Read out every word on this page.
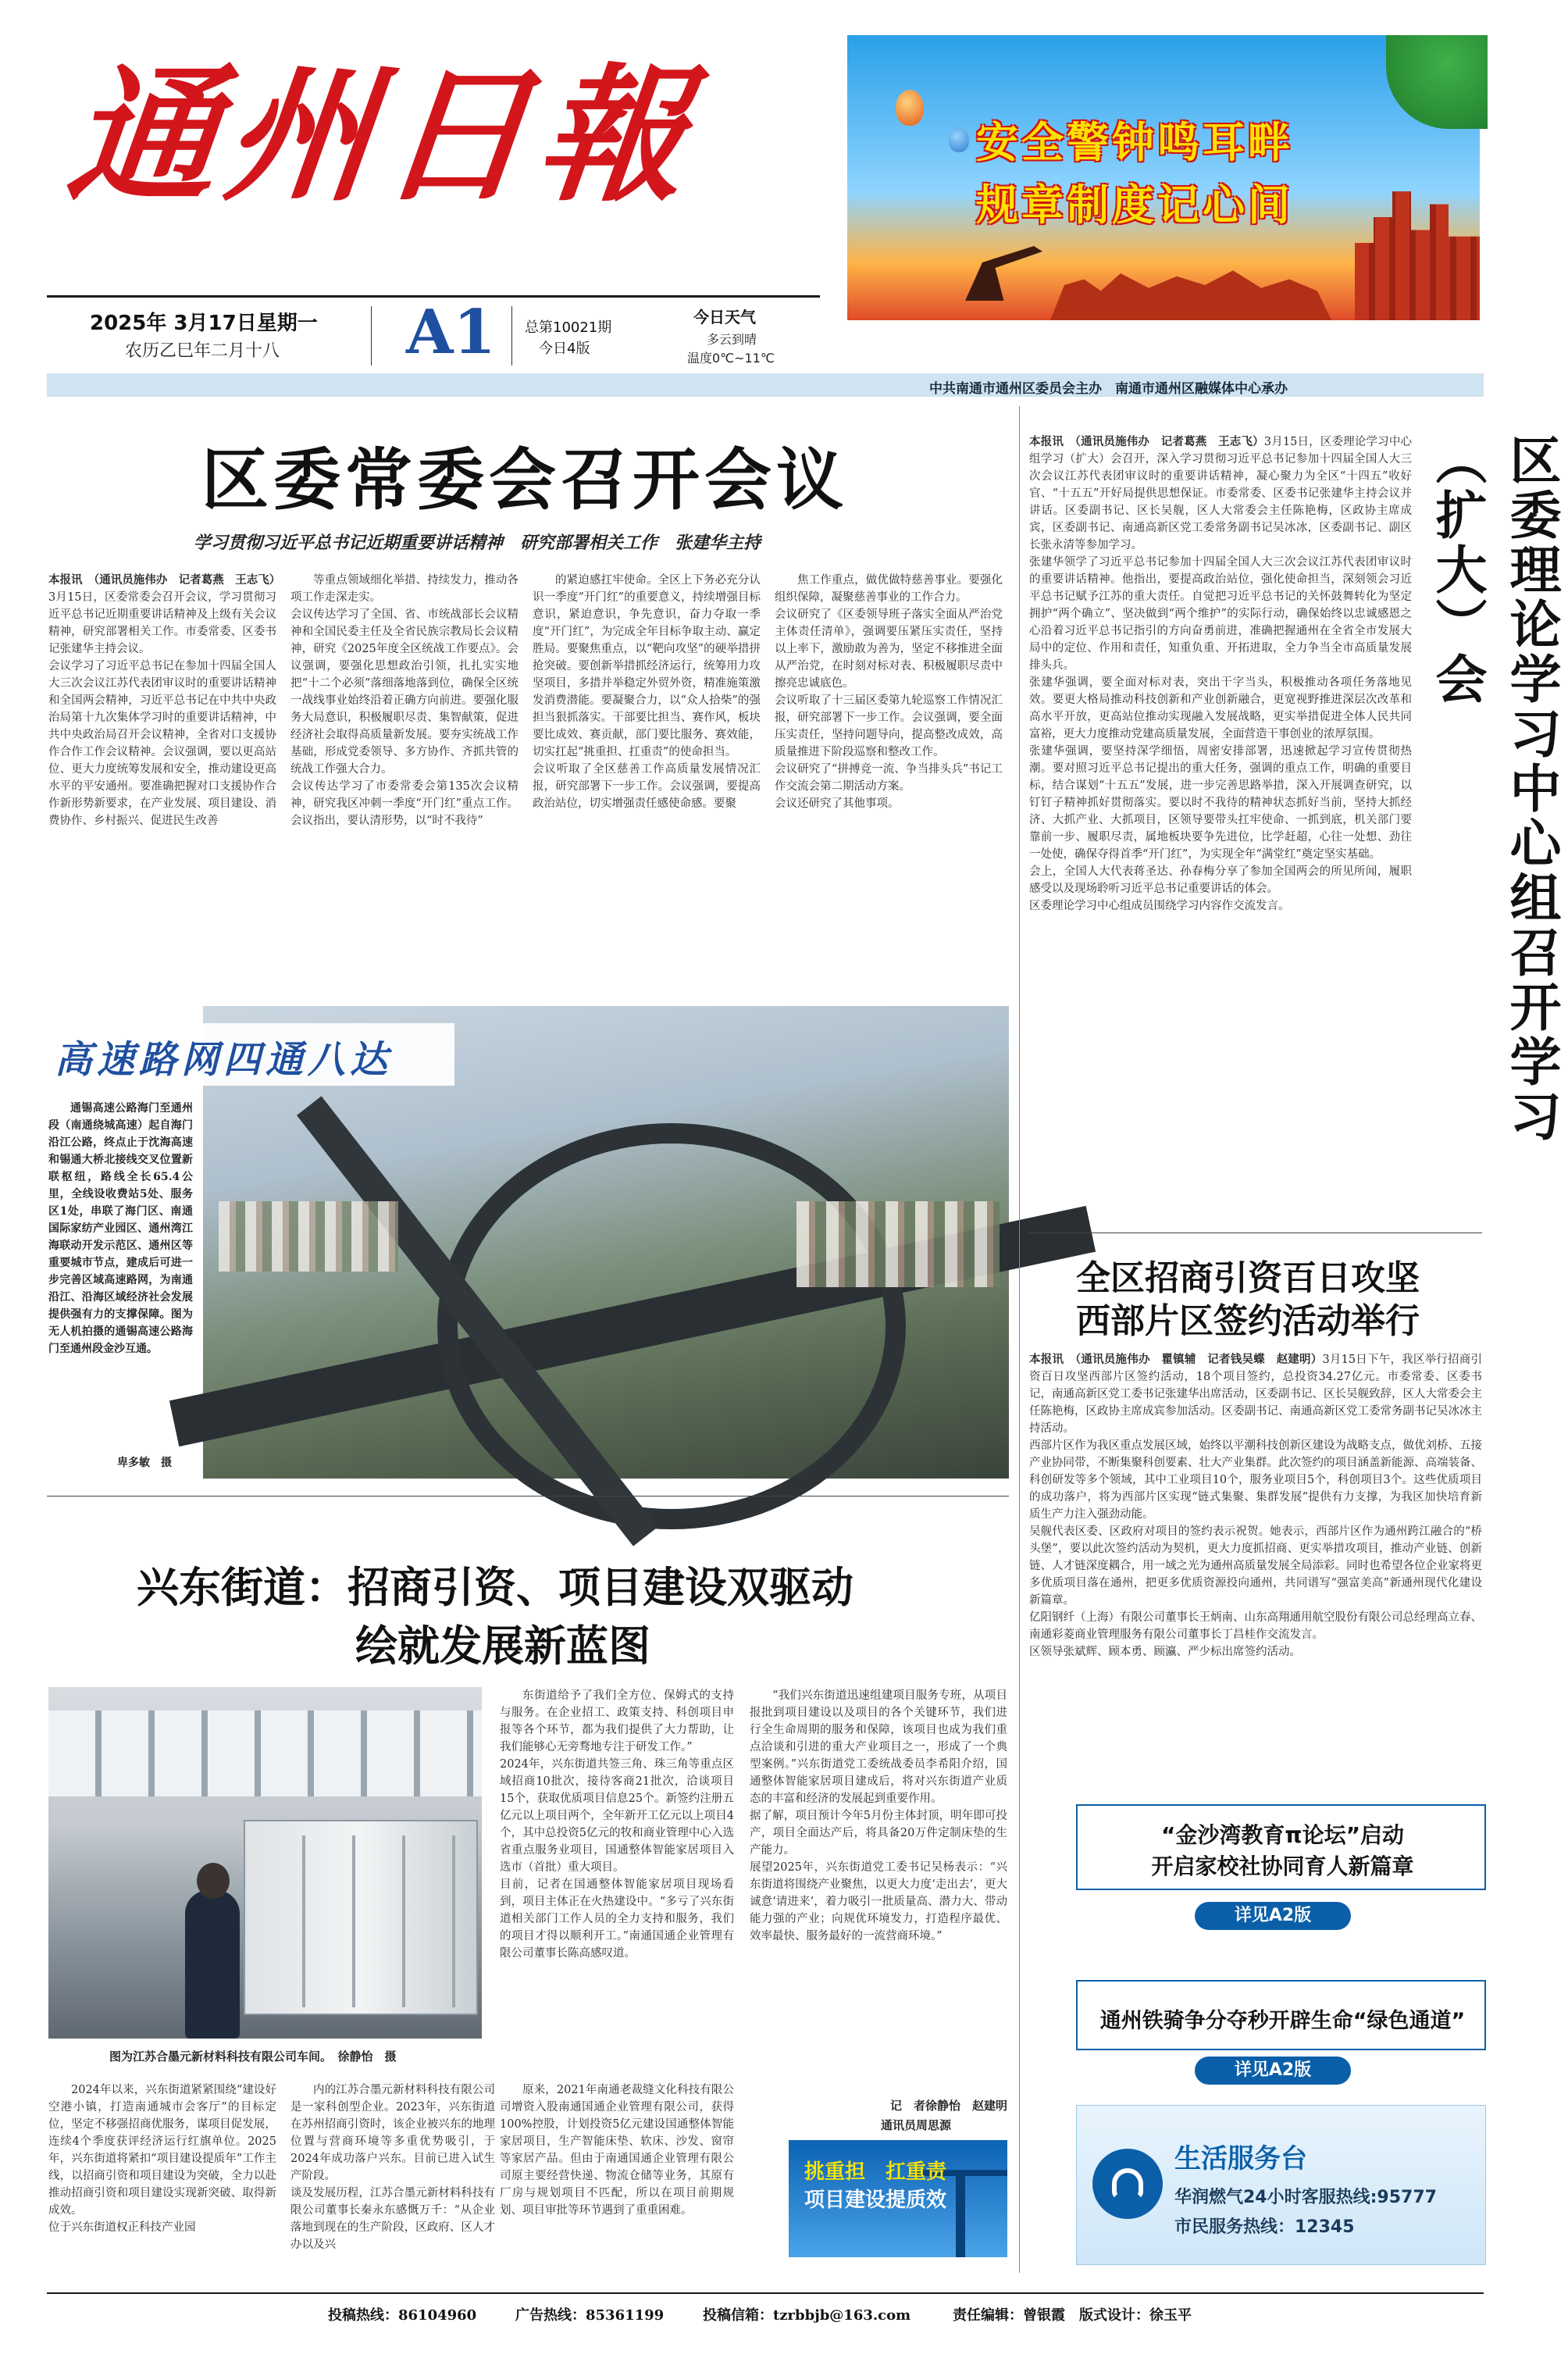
通州日報	安全警钟鸣耳畔
规章制度记心间
2025年 3月17日星期一
农历乙巳年二月十八 A1 总第10021期
今日4版
今日天气
多云到晴
温度0℃~11℃
中共南通市通州区委员会主办　南通市通州区融媒体中心承办
区委常委会召开会议
学习贯彻习近平总书记近期重要讲话精神　研究部署相关工作　张建华主持
本报讯　（通讯员施伟办　记者葛燕　王志飞）3月15日，区委常委会召开会议，学习贯彻习近平总书记近期重要讲话精神及上级有关会议精神，研究部署相关工作。市委常委、区委书记张建华主持会议。
会议学习了习近平总书记在参加十四届全国人大三次会议江苏代表团审议时的重要讲话精神和全国两会精神，习近平总书记在中共中央政治局第十九次集体学习时的重要讲话精神，中共中央政治局召开会议精神，全省对口支援协作合作工作会议精神。会议强调，要以更高站位、更大力度统筹发展和安全，推动建设更高水平的平安通州。要准确把握对口支援协作合作新形势新要求，在产业发展、项目建设、消费协作、乡村振兴、促进民生改善
等重点领域细化举措、持续发力，推动各项工作走深走实。
会议传达学习了全国、省、市统战部长会议精神和全国民委主任及全省民族宗教局长会议精神，研究《2025年度全区统战工作要点》。会议强调，要强化思想政治引领，扎扎实实地把“十二个必须”落细落地落到位，确保全区统一战线事业始终沿着正确方向前进。要强化服务大局意识，积极履职尽责、集智献策，促进经济社会取得高质量新发展。要夯实统战工作基础，形成党委领导、多方协作、齐抓共管的统战工作强大合力。
会议传达学习了市委常委会第135次会议精神，研究我区冲刺一季度“开门红”重点工作。会议指出，要认清形势，以“时不我待”
的紧迫感扛牢使命。全区上下务必充分认识一季度“开门红”的重要意义，持续增强目标意识，紧迫意识，争先意识，奋力夺取一季度“开门红”，为完成全年目标争取主动、赢定胜局。要聚焦重点，以“靶向攻坚”的硬举措拼抢突破。要创新举措抓经济运行，统筹用力攻坚项目，多措并举稳定外贸外资，精准施策激发消费潜能。要凝聚合力，以“众人拾柴”的强担当狠抓落实。干部要比担当、赛作风，板块要比成效、赛贡献，部门要比服务、赛效能，切实扛起“挑重担、扛重责”的使命担当。
会议听取了全区慈善工作高质量发展情况汇报，研究部署下一步工作。会议强调，要提高政治站位，切实增强责任感使命感。要聚
焦工作重点，做优做特慈善事业。要强化组织保障，凝聚慈善事业的工作合力。
会议研究了《区委领导班子落实全面从严治党主体责任清单》，强调要压紧压实责任，坚持以上率下，激励敢为善为，坚定不移推进全面从严治党，在时刻对标对表、积极履职尽责中擦亮忠诚底色。
会议听取了十三届区委第九轮巡察工作情况汇报，研究部署下一步工作。会议强调，要全面压实责任，坚持问题导向，提高整改成效，高质量推进下阶段巡察和整改工作。
会议研究了“拼搏竞一流、争当排头兵”书记工作交流会第二期活动方案。
会议还研究了其他事项。
高速路网四通八达
通锡高速公路海门至通州段（南通绕城高速）起自海门沿江公路，终点止于沈海高速和锡通大桥北接线交叉位置新联枢纽，路线全长65.4公里，全线设收费站5处、服务区1处，串联了海门区、南通国际家纺产业园区、通州湾江海联动开发示范区、通州区等重要城市节点，建成后可进一步完善区域高速路网，为南通沿江、沿海区域经济社会发展提供强有力的支撑保障。图为无人机拍摄的通锡高速公路海门至通州段金沙互通。
卑多敏　摄
兴东街道：招商引资、项目建设双驱动
绘就发展新蓝图
图为江苏合墨元新材料科技有限公司车间。　徐静怡　摄
2024年以来，兴东街道紧紧围绕“建设好空港小镇，打造南通城市会客厅”的目标定位，坚定不移强招商优服务，谋项目促发展，连续4个季度获评经济运行红旗单位。2025年，兴东街道将紧扣“项目建设提质年”工作主线，以招商引资和项目建设为突破，全力以赴推动招商引资和项目建设实现新突破、取得新成效。
位于兴东街道权正科技产业园
内的江苏合墨元新材料科技有限公司是一家科创型企业。2023年，兴东街道在苏州招商引资时，该企业被兴东的地理位置与营商环境等多重优势吸引，于2024年成功落户兴东。目前已进入试生产阶段。
谈及发展历程，江苏合墨元新材料科技有限公司董事长秦永东感慨万千：“从企业落地到现在的生产阶段，区政府、区人才办以及兴
东街道给予了我们全方位、保姆式的支持与服务。在企业招工、政策支持、科创项目申报等各个环节，都为我们提供了大力帮助，让我们能够心无旁骛地专注于研发工作。”
2024年，兴东街道共签三角、珠三角等重点区域招商10批次，接待客商21批次，洽谈项目15个，获取优质项目信息25个。新签约注册五亿元以上项目两个，全年新开工亿元以上项目4个，其中总投资5亿元的牧和商业管理中心入选省重点服务业项目，国通整体智能家居项目入选市（首批）重大项目。
目前，记者在国通整体智能家居项目现场看到，项目主体正在火热建设中。“多亏了兴东街道相关部门工作人员的全力支持和服务，我们的项目才得以顺利开工。”南通国通企业管理有限公司董事长陈高感叹道。
原来，2021年南通老裁缝文化科技有限公司增资入股南通国通企业管理有限公司，获得100%控股，计划投资5亿元建设国通整体智能家居项目，生产智能床垫、软床、沙发、窗帘等家居产品。但由于南通国通企业管理有限公司原主要经营快递、物流仓储等业务，其原有厂房与规划项目不匹配，所以在项目前期规划、项目审批等环节遇到了重重困难。
“我们兴东街道迅速组建项目服务专班，从项目报批到项目建设以及项目的各个关键环节，我们进行全生命周期的服务和保障，该项目也成为我们重点洽谈和引进的重大产业项目之一，形成了一个典型案例。”兴东街道党工委统战委员李希阳介绍，国通整体智能家居项目建成后，将对兴东街道产业质态的丰富和经济的发展起到重要作用。
据了解，项目预计今年5月份主体封顶，明年即可投产，项目全面达产后，将具备20万件定制床垫的生产能力。
展望2025年，兴东街道党工委书记吴杨表示：“兴东街道将围绕产业聚焦，以更大力度‘走出去’，更大诚意‘请进来’，着力吸引一批质量高、潜力大、带动能力强的产业；向规优环境发力，打造程序最优、效率最快、服务最好的一流营商环境。”
记　者徐静怡　赵建明
通讯员周思源
挑重担　扛重责
项目建设提质效
本报讯　（通讯员施伟办　记者葛燕　王志飞）3月15日，区委理论学习中心组学习（扩大）会召开，深入学习贯彻习近平总书记参加十四届全国人大三次会议江苏代表团审议时的重要讲话精神，凝心聚力为全区“十四五”收好官、“十五五”开好局提供思想保证。市委常委、区委书记张建华主持会议并讲话。区委副书记、区长吴舰，区人大常委会主任陈艳梅，区政协主席成宾，区委副书记、南通高新区党工委常务副书记吴冰冰，区委副书记、副区长张永清等参加学习。
张建华领学了习近平总书记参加十四届全国人大三次会议江苏代表团审议时的重要讲话精神。他指出，要提高政治站位，强化使命担当，深刻领会习近平总书记赋予江苏的重大责任。自觉把习近平总书记的关怀鼓舞转化为坚定拥护“两个确立”、坚决做到“两个维护”的实际行动，确保始终以忠诚感恩之心沿着习近平总书记指引的方向奋勇前进，准确把握通州在全省全市发展大局中的定位、作用和责任，知重负重、开拓进取，全力争当全市高质量发展排头兵。
张建华强调，要全面对标对表，突出干字当头，积极推动各项任务落地见效。要更大格局推动科技创新和产业创新融合，更宽视野推进深层次改革和高水平开放，更高站位推动实现融入发展战略，更实举措促进全体人民共同富裕，更大力度推动党建高质量发展，全面营造干事创业的浓厚氛围。
张建华强调，要坚持深学细悟，周密安排部署，迅速掀起学习宣传贯彻热潮。要对照习近平总书记提出的重大任务，强调的重点工作，明确的重要目标，结合谋划“十五五”发展，进一步完善思路举措，深入开展调查研究，以钉钉子精神抓好贯彻落实。要以时不我待的精神状态抓好当前，坚持大抓经济、大抓产业、大抓项目，区领导要带头扛牢使命、一抓到底，机关部门要靠前一步、履职尽责，属地板块要争先进位，比学赶超，心往一处想、劲往一处使，确保夺得首季“开门红”，为实现全年“满堂红”奠定坚实基础。
会上，全国人大代表蒋圣达、孙春梅分享了参加全国两会的所见所闻，履职感受以及现场聆听习近平总书记重要讲话的体会。
区委理论学习中心组成员围绕学习内容作交流发言。	区委理论学习中心组召开学习（扩大）会
全区招商引资百日攻坚
西部片区签约活动举行
本报讯　（通讯员施伟办　瞿镇辅　记者钱吴蝶　赵建明）3月15日下午，我区举行招商引资百日攻坚西部片区签约活动，18个项目签约，总投资34.27亿元。市委常委、区委书记，南通高新区党工委书记张建华出席活动，区委副书记、区长吴舰致辞，区人大常委会主任陈艳梅，区政协主席成宾参加活动。区委副书记、南通高新区党工委常务副书记吴冰冰主持活动。
西部片区作为我区重点发展区域，始终以平潮科技创新区建设为战略支点，做优刘桥、五接产业协同带，不断集聚科创要素、壮大产业集群。此次签约的项目涵盖新能源、高端装备、科创研发等多个领域，其中工业项目10个，服务业项目5个，科创项目3个。这些优质项目的成功落户，将为西部片区实现“链式集聚、集群发展”提供有力支撑，为我区加快培育新质生产力注入强劲动能。
吴舰代表区委、区政府对项目的签约表示祝贺。她表示，西部片区作为通州跨江融合的“桥头堡”，要以此次签约活动为契机，更大力度抓招商、更实举措攻项目，推动产业链、创新链、人才链深度耦合，用一域之光为通州高质量发展全局添彩。同时也希望各位企业家将更多优质项目落在通州，把更多优质资源投向通州，共同谱写“强富美高”新通州现代化建设新篇章。
亿阳钢纤（上海）有限公司董事长王炳南、山东高翔通用航空股份有限公司总经理高立春、南通彩菱商业管理服务有限公司董事长丁昌桂作交流发言。
区领导张斌辉、顾本勇、顾瀛、严少标出席签约活动。
“金沙湾教育π论坛”启动
开启家校社协同育人新篇章
详见A2版
通州铁骑争分夺秒开辟生命“绿色通道”
详见A2版
生活服务台
华润燃气24小时客服热线:95777
市民服务热线：12345
投稿热线：86104960	广告热线：85361199	投稿信箱：tzrbbjb@163.com	责任编辑：曾银霞　版式设计：徐玉平
